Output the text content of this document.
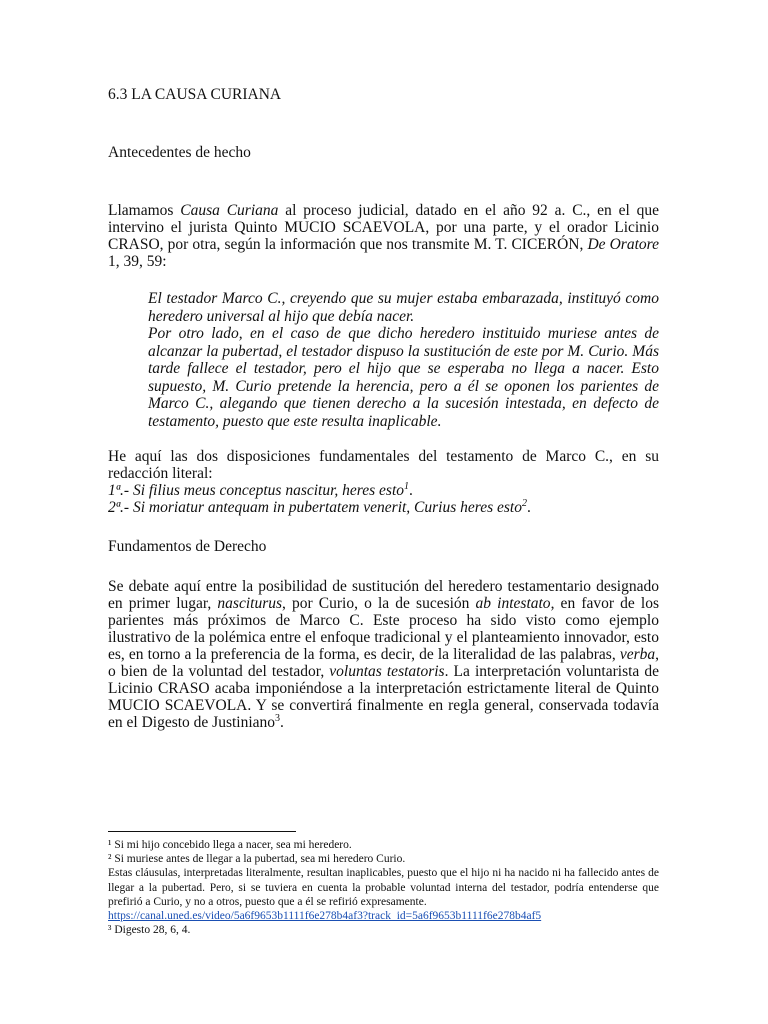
6.3 LA CAUSA CURIANA
Antecedentes de hecho

Llamamos Causa Curiana al proceso judicial, datado en el año 92 a. C., en el que intervino el jurista Quinto MUCIO SCAEVOLA, por una parte, y el orador Licinio CRASO, por otra, según la información que nos transmite M. T. CICERÓN, De Oratore 1, 39, 59:

El testador Marco C., creyendo que su mujer estaba embarazada, instituyó como heredero universal al hijo que debía nacer.

Por otro lado, en el caso de que dicho heredero instituido muriese antes de alcanzar la pubertad, el testador dispuso la sustitución de este por M. Curio. Más tarde fallece el testador, pero el hijo que se esperaba no llega a nacer. Esto supuesto, M. Curio pretende la herencia, pero a él se oponen los parientes de Marco C., alegando que tienen derecho a la sucesión intestada, en defecto de testamento, puesto que este resulta inaplicable.

He aquí las dos disposiciones fundamentales del testamento de Marco C., en su redacción literal:

1ª.- Si filius meus conceptus nascitur, heres esto$^1$.

2ª.- Si moriatur antequam in pubertatem venerit, Curius heres esto$^2$.

Fundamentos de Derecho

Se debate aquí entre la posibilidad de sustitución del heredero testamentario designado en primer lugar, nasciturus, por Curio, o la de sucesión ab intestato, en favor de los parientes más próximos de Marco C. Este proceso ha sido visto como ejemplo ilustrativo de la polémica entre el enfoque tradicional y el planteamiento innovador, esto es, en torno a la preferencia de la forma, es decir, de la literalidad de las palabras, verba, o bien de la voluntad del testador, voluntas testatoris. La interpretación voluntarista de Licinio CRASO acaba imponiéndose a la interpretación estrictamente literal de Quinto MUCIO SCAEVOLA. Y se convertirá finalmente en regla general, conservada todavía en el Digesto de Justiniano$^3$.

¹ Si mi hijo concebido llega a nacer, sea mi heredero.

² Si muriese antes de llegar a la pubertad, sea mi heredero Curio.

Estas cláusulas, interpretadas literalmente, resultan inaplicables, puesto que el hijo ni ha nacido ni ha fallecido antes de llegar a la pubertad. Pero, si se tuviera en cuenta la probable voluntad interna del testador, podría entenderse que prefirió a Curio, y no a otros, puesto que a él se refirió expresamente.

https://canal.uned.es/video/5a6f9653b1111f6e278b4af3?track_id=5a6f9653b1111f6e278b4af5

³ Digesto 28, 6, 4.
